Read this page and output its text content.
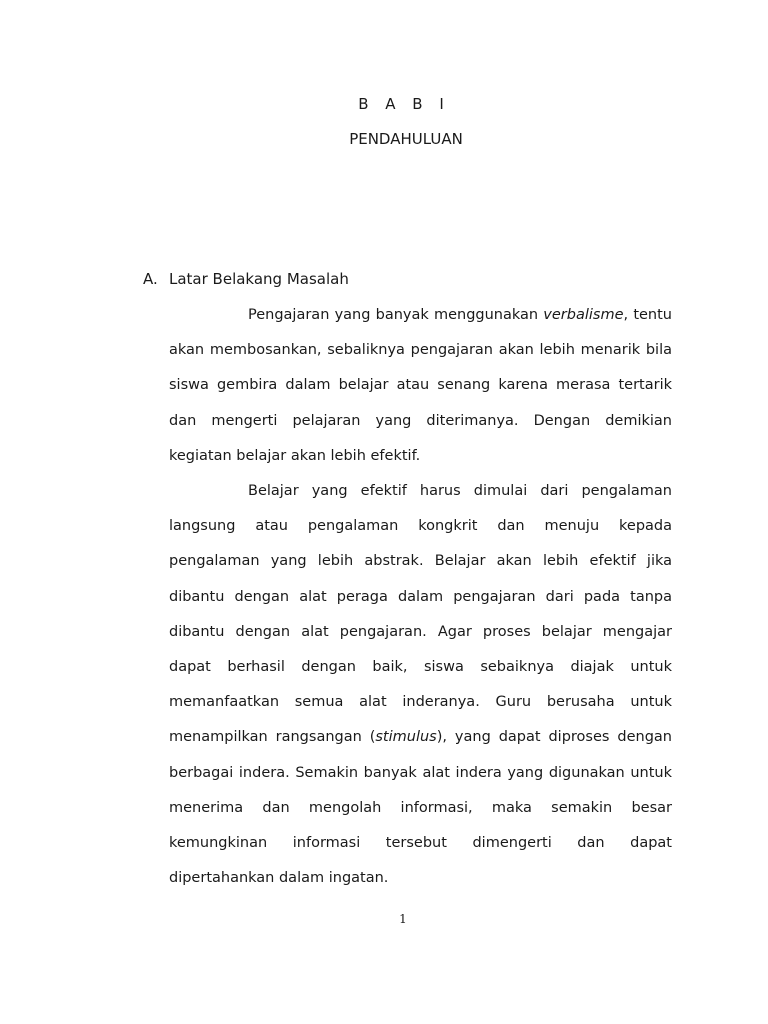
B A B I
PENDAHULUAN
A. Latar Belakang Masalah

Pengajaran yang banyak menggunakan verbalisme, tentu akan membosankan, sebaliknya pengajaran akan lebih menarik bila siswa gembira dalam belajar atau senang karena merasa tertarik dan mengerti pelajaran yang diterimanya. Dengan demikian kegiatan belajar akan lebih efektif.

Belajar yang efektif harus dimulai dari pengalaman langsung atau pengalaman kongkrit dan menuju kepada pengalaman yang lebih abstrak. Belajar akan lebih efektif jika dibantu dengan alat peraga dalam pengajaran dari pada tanpa dibantu dengan alat pengajaran. Agar proses belajar mengajar dapat berhasil dengan baik, siswa sebaiknya diajak untuk memanfaatkan semua alat inderanya. Guru berusaha untuk menampilkan rangsangan (stimulus), yang dapat diproses dengan berbagai indera. Semakin banyak alat indera yang digunakan untuk menerima dan mengolah informasi, maka semakin besar kemungkinan informasi tersebut dimengerti dan dapat dipertahankan dalam ingatan.

1
